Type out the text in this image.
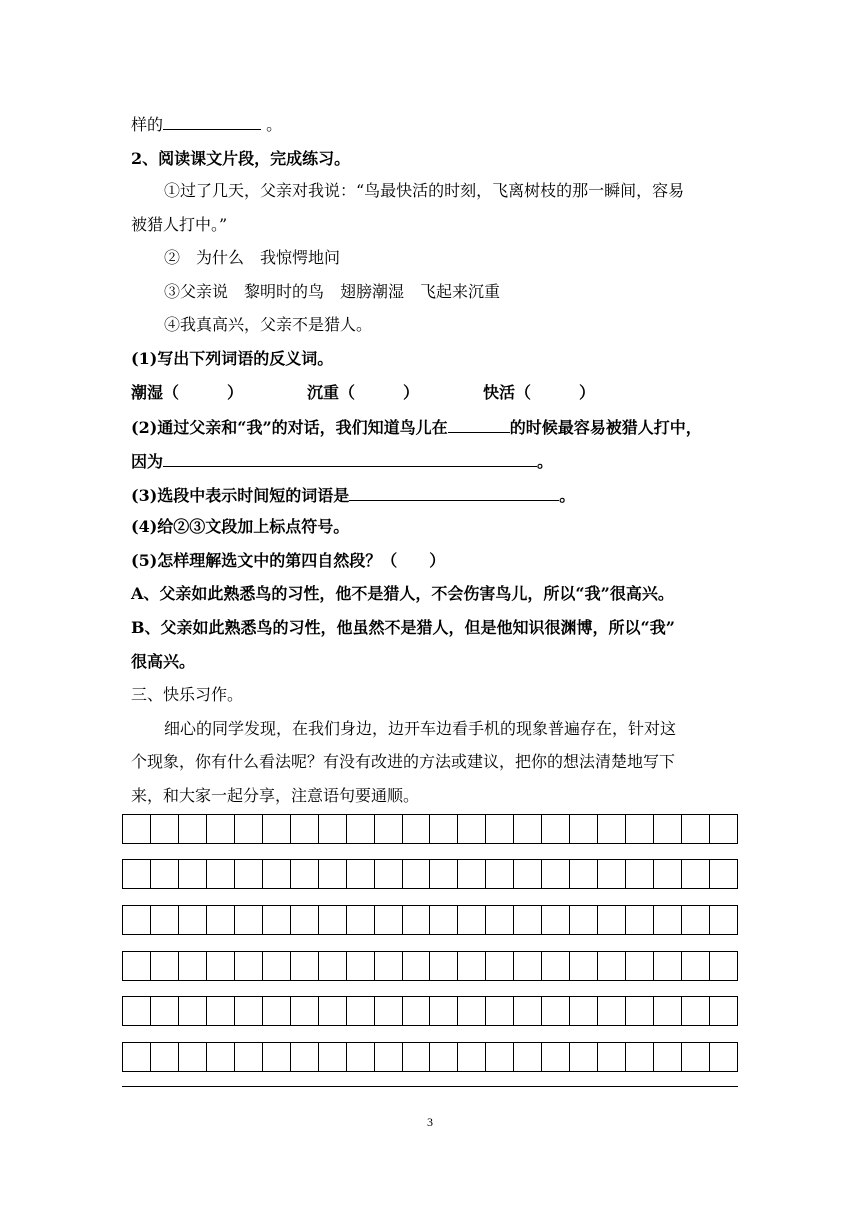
样的	。
2、阅读课文片段，完成练习。
①过了几天，父亲对我说：“鸟最快活的时刻，飞离树枝的那一瞬间，容易
被猎人打中。”
②　为什么　我惊愕地问
③父亲说　黎明时的鸟　翅膀潮湿　飞起来沉重
④我真高兴，父亲不是猎人。
(1)写出下列词语的反义词。
潮湿（　　　）	沉重（　　　）	快活（　　　）
(2)通过父亲和“我”的对话，我们知道鸟儿在	的时候最容易被猎人打中，
因为	。
(3)选段中表示时间短的词语是	。
(4)给②③文段加上标点符号。
(5)怎样理解选文中的第四自然段？（　　）
A、父亲如此熟悉鸟的习性，他不是猎人，不会伤害鸟儿，所以“我”很高兴。
B、父亲如此熟悉鸟的习性，他虽然不是猎人，但是他知识很渊博，所以“我”
很高兴。
三、快乐习作。
细心的同学发现，在我们身边，边开车边看手机的现象普遍存在，针对这
个现象，你有什么看法呢？有没有改进的方法或建议，把你的想法清楚地写下
来，和大家一起分享，注意语句要通顺。
3
